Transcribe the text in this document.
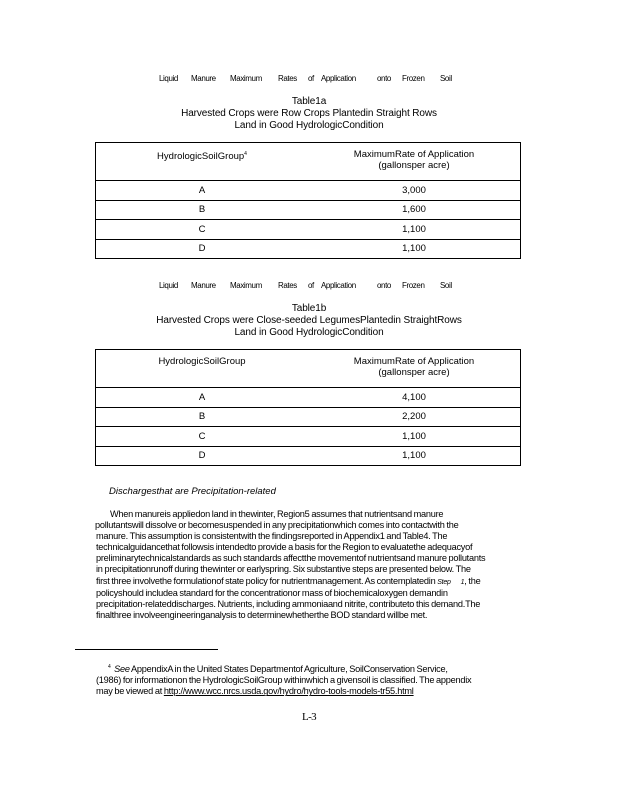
Liquid Manure Maximum Rates of Application	onto Frozen Soil
Table1a
Harvested Crops were Row Crops Plantedin Straight Rows
Land in Good HydrologicCondition
HydrologicSoilGroup$^4$	MaximumRate of Application
(gallonsper acre)
A	3,000
B	1,600
C	1,100
D	1,100
Liquid Manure Maximum Rates of Application	onto Frozen Soil
Table1b
Harvested Crops were Close-seeded LegumesPlantedin StraightRows
Land in Good HydrologicCondition
HydrologicSoilGroup	MaximumRate of Application
(gallonsper acre)
A	4,100
B	2,200
C	1,100
D	1,100
Dischargesthat are Precipitation-related
When manureis appliedon land in thewinter, Region5 assumes that nutrientsand manure
pollutantswill dissolve or becomesuspended in any precipitationwhich comes into contactwith the
manure. This assumption is consistentwith the findingsreported in Appendix1 and Table4. The
technicalguidancethat followsis intendedto provide a basis for the Region to evaluatethe adequacyof
preliminarytechnicalstandards as such standards affectthe movementof nutrientsand manure pollutants
in precipitationrunoff during thewinter or earlyspring. Six substantive steps are presented below. The
first three involvethe formulationof state policy for nutrientmanagement. As contemplatedin Step 1, the
policyshould includea standard for the concentrationor mass of biochemicaloxygen demandin
precipitation-relateddischarges. Nutrients, including ammoniaand nitrite, contributeto this demand.The
finalthree involveengineeringanalysis to determinewhetherthe BOD standard willbe met.
$^4$ See AppendixA in the United States Departmentof Agriculture, SoilConservation Service,
(1986) for informationon the HydrologicSoilGroup withinwhich a givensoil is classified. The appendix
may be viewed at http://www.wcc.nrcs.usda.gov/hydro/hydro-tools-models-tr55.html
L-3
